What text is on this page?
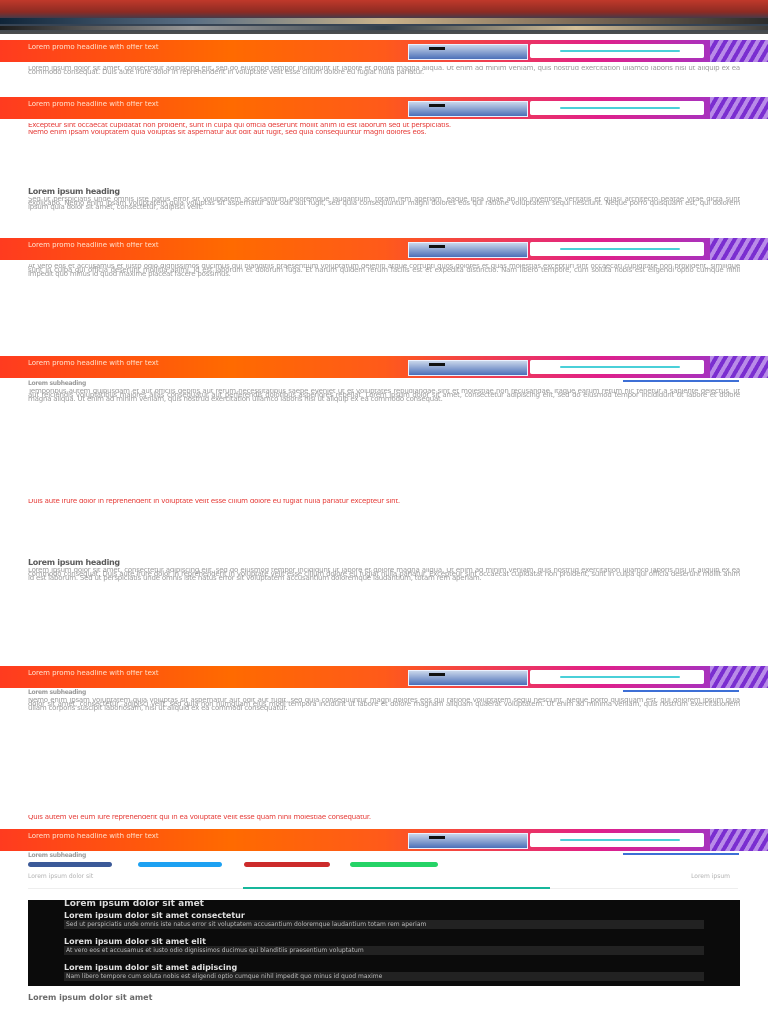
Lorem promo headline with offer text

Lorem ipsum dolor sit amet, consectetur adipiscing elit, sed do eiusmod tempor incididunt ut labore et dolore magna aliqua. Ut enim ad minim veniam, quis nostrud exercitation ullamco laboris nisi ut aliquip ex ea commodo consequat. Duis aute irure dolor in reprehenderit in voluptate velit esse cillum dolore eu fugiat nulla pariatur.

Lorem promo headline with offer text

Excepteur sint occaecat cupidatat non proident, sunt in culpa qui officia deserunt mollit anim id est laborum sed ut perspiciatis.

Nemo enim ipsam voluptatem quia voluptas sit aspernatur aut odit aut fugit, sed quia consequuntur magni dolores eos.

Lorem ipsum heading

Sed ut perspiciatis unde omnis iste natus error sit voluptatem accusantium doloremque laudantium, totam rem aperiam, eaque ipsa quae ab illo inventore veritatis et quasi architecto beatae vitae dicta sunt explicabo. Nemo enim ipsam voluptatem quia voluptas sit aspernatur aut odit aut fugit, sed quia consequuntur magni dolores eos qui ratione voluptatem sequi nesciunt. Neque porro quisquam est, qui dolorem ipsum quia dolor sit amet, consectetur, adipisci velit.

Lorem promo headline with offer text

At vero eos et accusamus et iusto odio dignissimos ducimus qui blanditiis praesentium voluptatum deleniti atque corrupti quos dolores et quas molestias excepturi sint occaecati cupiditate non provident, similique sunt in culpa qui officia deserunt mollitia animi, id est laborum et dolorum fuga. Et harum quidem rerum facilis est et expedita distinctio. Nam libero tempore, cum soluta nobis est eligendi optio cumque nihil impedit quo minus id quod maxime placeat facere possimus.

Lorem promo headline with offer text
Lorem subheading

Temporibus autem quibusdam et aut officiis debitis aut rerum necessitatibus saepe eveniet ut et voluptates repudiandae sint et molestiae non recusandae. Itaque earum rerum hic tenetur a sapiente delectus, ut aut reiciendis voluptatibus maiores alias consequatur aut perferendis doloribus asperiores repellat. Lorem ipsum dolor sit amet, consectetur adipiscing elit, sed do eiusmod tempor incididunt ut labore et dolore magna aliqua. Ut enim ad minim veniam, quis nostrud exercitation ullamco laboris nisi ut aliquip ex ea commodo consequat.

Duis aute irure dolor in reprehenderit in voluptate velit esse cillum dolore eu fugiat nulla pariatur excepteur sint.

Lorem ipsum heading

Lorem ipsum dolor sit amet, consectetur adipiscing elit, sed do eiusmod tempor incididunt ut labore et dolore magna aliqua. Ut enim ad minim veniam, quis nostrud exercitation ullamco laboris nisi ut aliquip ex ea commodo consequat. Duis aute irure dolor in reprehenderit in voluptate velit esse cillum dolore eu fugiat nulla pariatur. Excepteur sint occaecat cupidatat non proident, sunt in culpa qui officia deserunt mollit anim id est laborum. Sed ut perspiciatis unde omnis iste natus error sit voluptatem accusantium doloremque laudantium, totam rem aperiam.

Lorem promo headline with offer text
Lorem subheading

Nemo enim ipsam voluptatem quia voluptas sit aspernatur aut odit aut fugit, sed quia consequuntur magni dolores eos qui ratione voluptatem sequi nesciunt. Neque porro quisquam est, qui dolorem ipsum quia dolor sit amet, consectetur, adipisci velit, sed quia non numquam eius modi tempora incidunt ut labore et dolore magnam aliquam quaerat voluptatem. Ut enim ad minima veniam, quis nostrum exercitationem ullam corporis suscipit laboriosam, nisi ut aliquid ex ea commodi consequatur.

Quis autem vel eum iure reprehenderit qui in ea voluptate velit esse quam nihil molestiae consequatur.

Lorem promo headline with offer text
Lorem subheading
Lorem ipsum dolor sit	Lorem ipsum
Lorem ipsum dolor sit amet
Lorem ipsum dolor sit amet consectetur
Sed ut perspiciatis unde omnis iste natus error sit voluptatem accusantium doloremque laudantium totam rem aperiam
Lorem ipsum dolor sit amet elit
At vero eos et accusamus et iusto odio dignissimos ducimus qui blanditiis praesentium voluptatum
Lorem ipsum dolor sit amet adipiscing
Nam libero tempore cum soluta nobis est eligendi optio cumque nihil impedit quo minus id quod maxime
Lorem ipsum dolor sit amet
